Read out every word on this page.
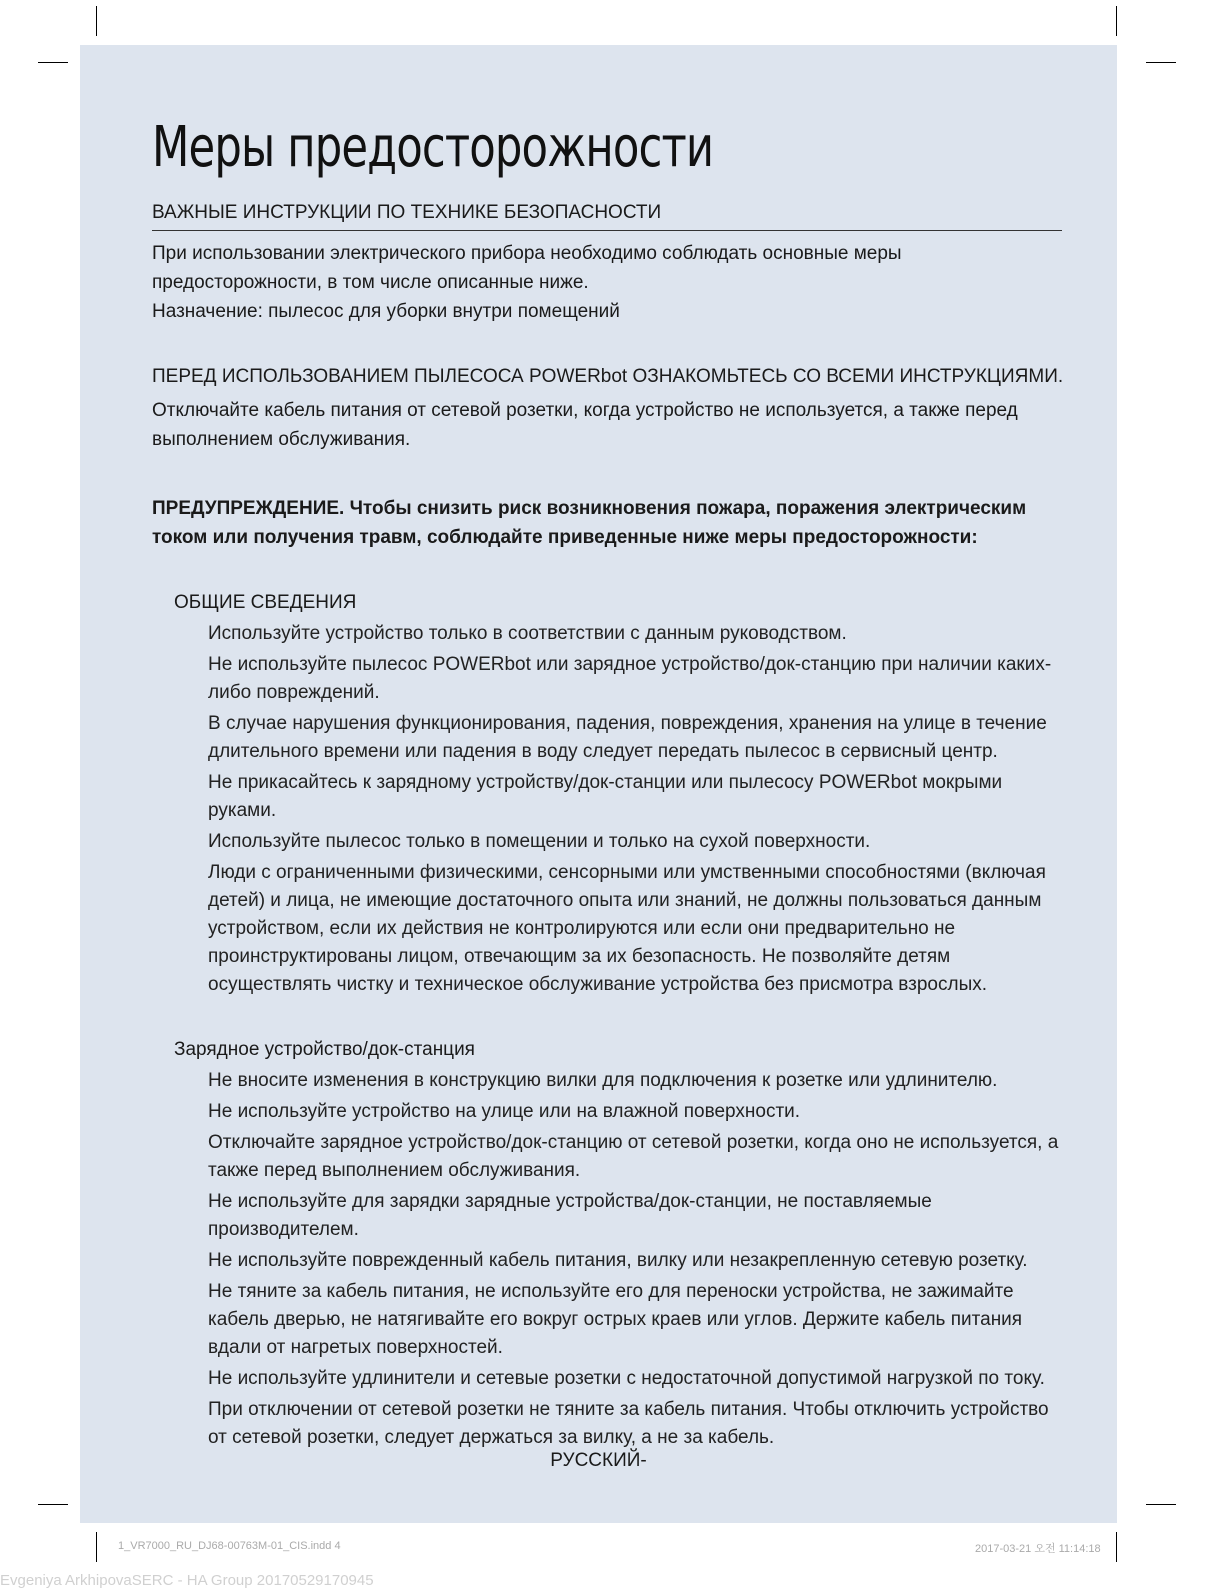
Меры предосторожности
ВАЖНЫЕ ИНСТРУКЦИИ ПО ТЕХНИКЕ БЕЗОПАСНОСТИ
При использовании электрического прибора необходимо соблюдать основные меры предосторожности, в том числе описанные ниже.
Назначение: пылесос для уборки внутри помещений
ПЕРЕД ИСПОЛЬЗОВАНИЕМ ПЫЛЕСОСА POWERbot ОЗНАКОМЬТЕСЬ СО ВСЕМИ ИНСТРУКЦИЯМИ.
Отключайте кабель питания от сетевой розетки, когда устройство не используется, а также перед выполнением обслуживания.
ПРЕДУПРЕЖДЕНИЕ. Чтобы снизить риск возникновения пожара, поражения электрическим током или получения травм, соблюдайте приведенные ниже меры предосторожности:
ОБЩИЕ СВЕДЕНИЯ
Используйте устройство только в соответствии с данным руководством.
Не используйте пылесос POWERbot или зарядное устройство/док-станцию при наличии каких-либо повреждений.
В случае нарушения функционирования, падения, повреждения, хранения на улице в течение длительного времени или падения в воду следует передать пылесос в сервисный центр.
Не прикасайтесь к зарядному устройству/док-станции или пылесосу POWERbot мокрыми руками.
Используйте пылесос только в помещении и только на сухой поверхности.
Люди с ограниченными физическими, сенсорными или умственными способностями (включая детей) и лица, не имеющие достаточного опыта или знаний, не должны пользоваться данным устройством, если их действия не контролируются или если они предварительно не проинструктированы лицом, отвечающим за их безопасность. Не позволяйте детям осуществлять чистку и техническое обслуживание устройства без присмотра взрослых.
Зарядное устройство/док-станция
Не вносите изменения в конструкцию вилки для подключения к розетке или удлинителю.
Не используйте устройство на улице или на влажной поверхности.
Отключайте зарядное устройство/док-станцию от сетевой розетки, когда оно не используется, а также перед выполнением обслуживания.
Не используйте для зарядки зарядные устройства/док-станции, не поставляемые производителем.
Не используйте поврежденный кабель питания, вилку или незакрепленную сетевую розетку.
Не тяните за кабель питания, не используйте его для переноски устройства, не зажимайте кабель дверью, не натягивайте его вокруг острых краев или углов. Держите кабель питания вдали от нагретых поверхностей.
Не используйте удлинители и сетевые розетки с недостаточной допустимой нагрузкой по току.
При отключении от сетевой розетки не тяните за кабель питания. Чтобы отключить устройство от сетевой розетки, следует держаться за вилку, а не за кабель.
РУССКИЙ-
1_VR7000_RU_DJ68-00763M-01_CIS.indd 4	2017-03-21 오전 11:14:18
Evgeniya ArkhipovaSERC - HA Group 20170529170945
